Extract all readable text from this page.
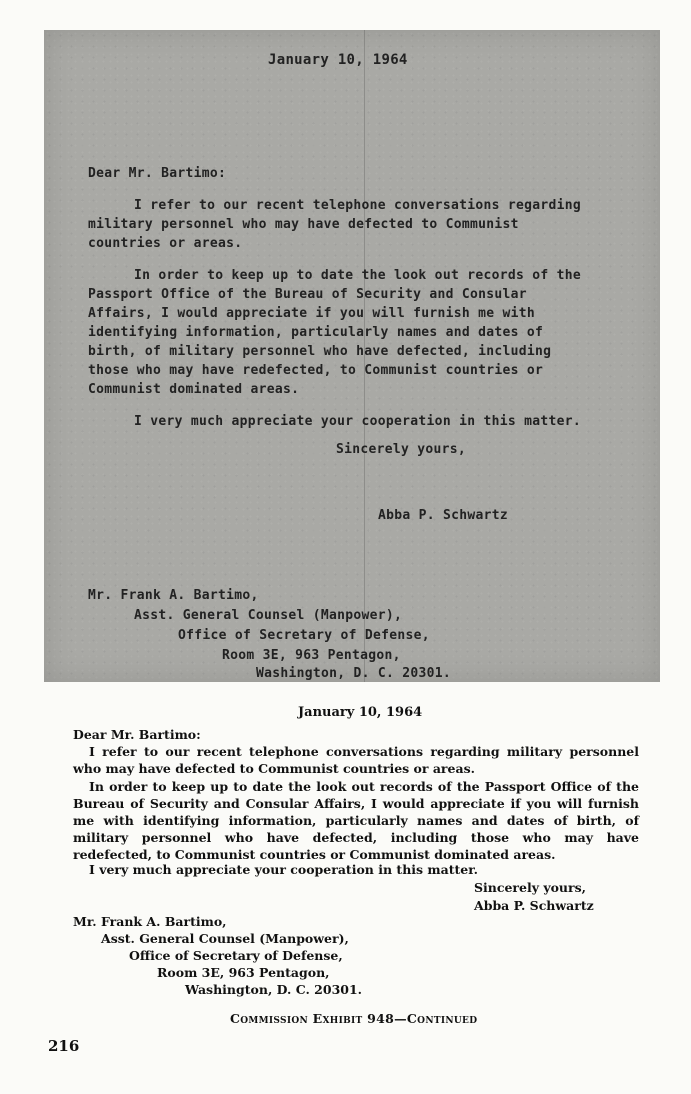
January 10, 1964
Dear Mr. Bartimo:
I refer to our recent telephone conversations regarding
military personnel who may have defected to Communist
countries or areas.
In order to keep up to date the look out records of the
Passport Office of the Bureau of Security and Consular
Affairs, I would appreciate if you will furnish me with
identifying information, particularly names and dates of
birth, of military personnel who have defected, including
those who may have redefected, to Communist countries or
Communist dominated areas.
I very much appreciate your cooperation in this matter.
Sincerely yours,
Abba P. Schwartz
Mr. Frank A. Bartimo,
Asst. General Counsel (Manpower),
Office of Secretary of Defense,
Room 3E, 963 Pentagon,
Washington, D. C. 20301.
January 10, 1964
Dear Mr. Bartimo:
I refer to our recent telephone conversations regarding military personnel who may have defected to Communist countries or areas.
In order to keep up to date the look out records of the Passport Office of the Bureau of Security and Consular Affairs, I would appreciate if you will furnish me with identifying information, particularly names and dates of birth, of military personnel who have defected, including those who may have redefected, to Communist countries or Communist dominated areas.
I very much appreciate your cooperation in this matter.
Sincerely yours,
Abba P. Schwartz
Mr. Frank A. Bartimo,
Asst. General Counsel (Manpower),
Office of Secretary of Defense,
Room 3E, 963 Pentagon,
Washington, D. C. 20301.
Commission Exhibit 948—Continued
216
